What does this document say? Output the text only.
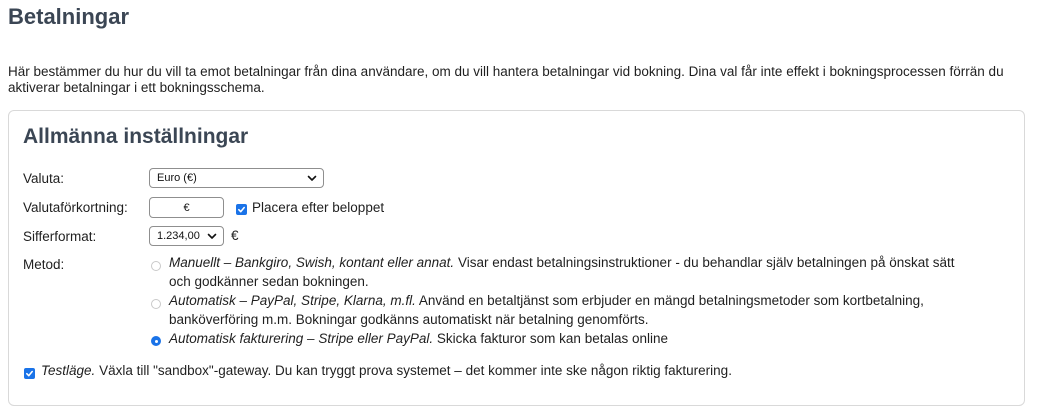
Betalningar

Här bestämmer du hur du vill ta emot betalningar från dina användare, om du vill hantera betalningar vid bokning. Dina val får inte effekt i bokningsprocessen förrän du aktiverar betalningar i ett bokningsschema.

Allmänna inställningar
Valuta:	Euro (€)
Valutaförkortning:
€	Placera efter beloppet
Sifferformat:	1.234,00 €
Metod:	Manuellt – Bankgiro, Swish, kontant eller annat. Visar endast betalningsinstruktioner - du behandlar själv betalningen på önskat sätt
och godkänner sedan bokningen.
Automatisk – PayPal, Stripe, Klarna, m.fl. Använd en betaltjänst som erbjuder en mängd betalningsmetoder som kortbetalning,
banköverföring m.m. Bokningar godkänns automatiskt när betalning genomförts.
Automatisk fakturering – Stripe eller PayPal. Skicka fakturor som kan betalas online
Testläge. Växla till "sandbox"-gateway. Du kan tryggt prova systemet – det kommer inte ske någon riktig fakturering.
